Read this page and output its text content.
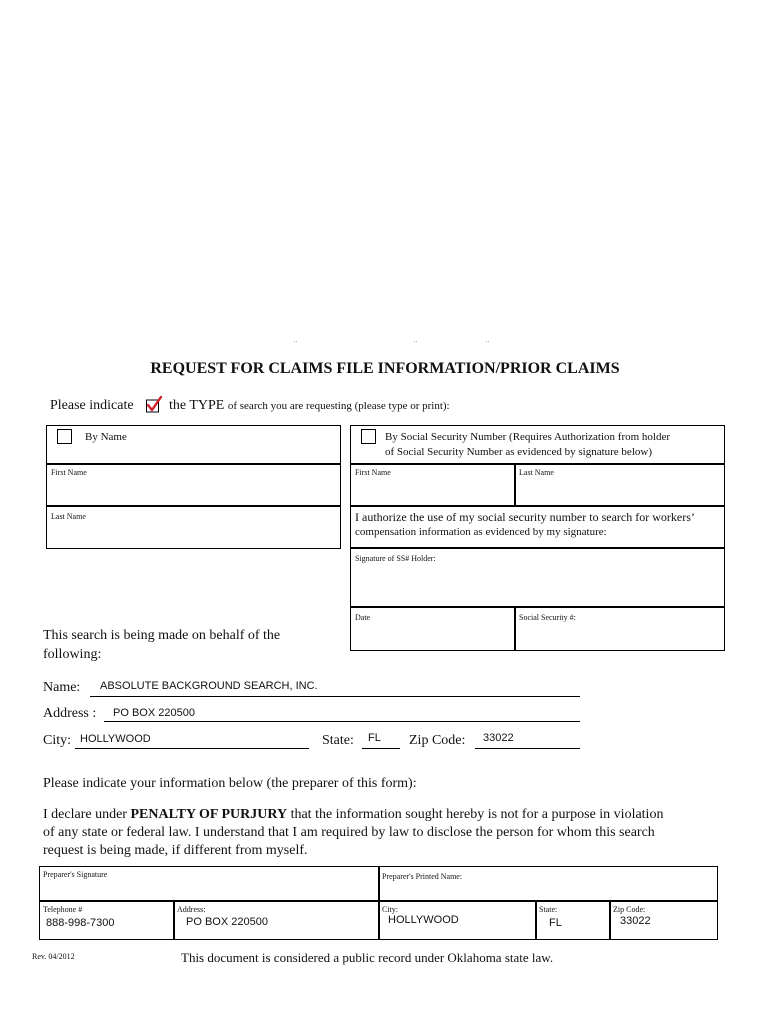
REQUEST FOR CLAIMS FILE INFORMATION/PRIOR CLAIMS
Please indicate	the TYPE of search you are requesting (please type or print):
By Name
First Name
Last Name
By Social Security Number (Requires Authorization from holder
of Social Security Number as evidenced by signature below)
First Name	Last Name
I authorize the use of my social security number to search for workers’
compensation information as evidenced by my signature:
Signature of SS# Holder:
Date	Social Security #:
This search is being made on behalf of the
following:
Name: ABSOLUTE BACKGROUND SEARCH, INC.
Address : PO BOX 220500
City: HOLLYWOOD	State: FL Zip Code: 33022
Please indicate your information below (the preparer of this form):
I declare under PENALTY OF PURJURY that the information sought hereby is not for a purpose in violation
of any state or federal law. I understand that I am required by law to disclose the person for whom this search
request is being made, if different from myself.
Preparer's Signature	Preparer's Printed Name:
Telephone #
888-998-7300
Address:
PO BOX 220500
City:
HOLLYWOOD
State:
FL
Zip Code:
33022
Rev. 04/2012	This document is considered a public record under Oklahoma state law.
